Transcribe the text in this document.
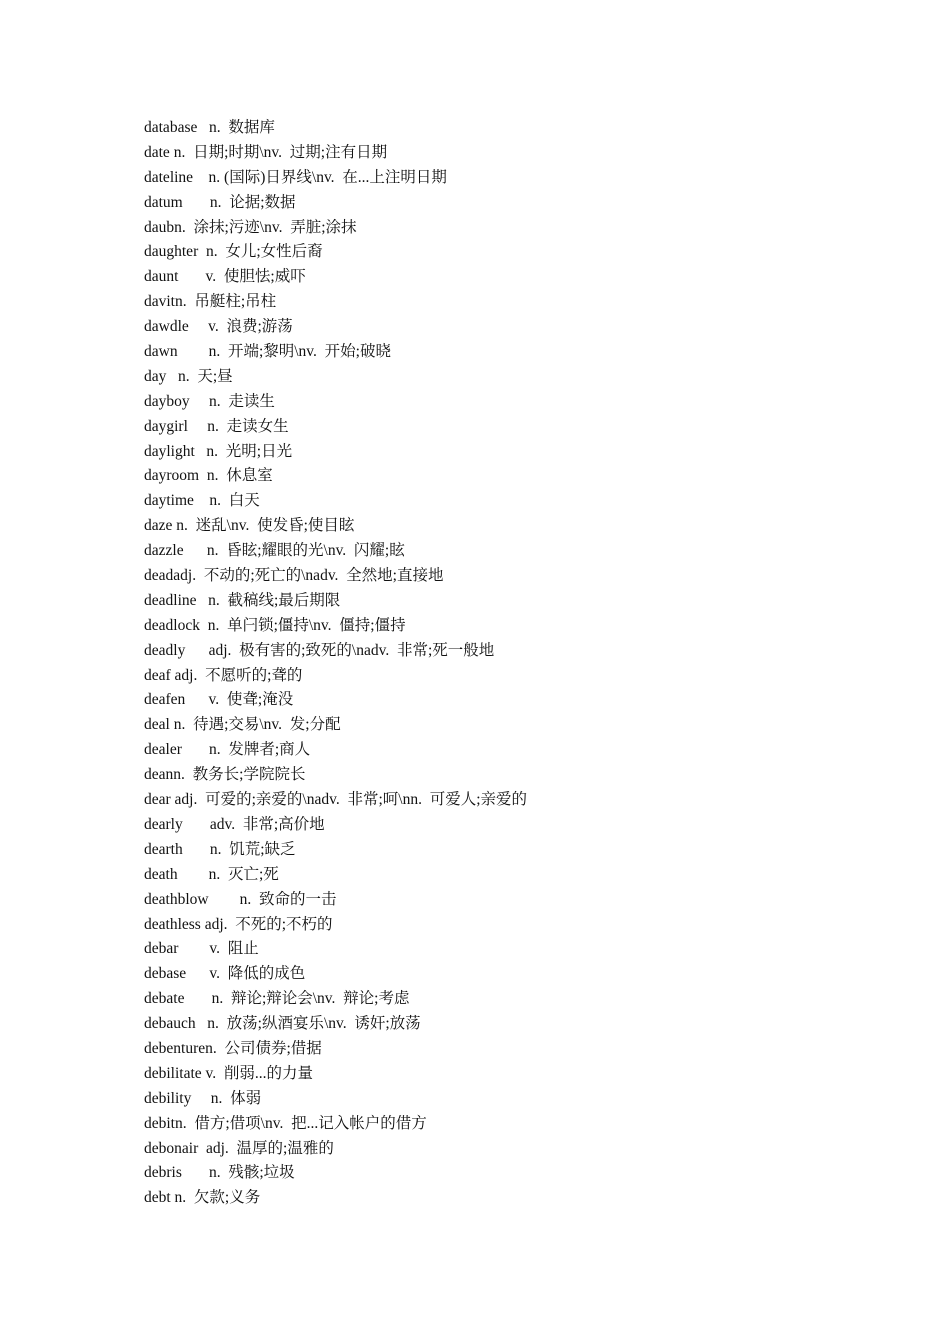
database   n.  数据库
date n.  日期;时期\nv.  过期;注有日期
dateline    n. (国际)日界线\nv.  在...上注明日期
datum       n.  论据;数据
daubn.  涂抹;污迹\nv.  弄脏;涂抹
daughter  n.  女儿;女性后裔
daunt       v.  使胆怯;威吓
davitn.  吊艇柱;吊柱
dawdle     v.  浪费;游荡
dawn        n.  开端;黎明\nv.  开始;破晓
day   n.  天;昼
dayboy     n.  走读生
daygirl     n.  走读女生
daylight   n.  光明;日光
dayroom  n.  休息室
daytime    n.  白天
daze n.  迷乱\nv.  使发昏;使目眩
dazzle      n.  昏眩;耀眼的光\nv.  闪耀;眩
deadadj.  不动的;死亡的\nadv.  全然地;直接地
deadline   n.  截稿线;最后期限
deadlock  n.  单闩锁;僵持\nv.  僵持;僵持
deadly      adj.  极有害的;致死的\nadv.  非常;死一般地
deaf adj.  不愿听的;聋的
deafen      v.  使聋;淹没
deal n.  待遇;交易\nv.  发;分配
dealer       n.  发牌者;商人
deann.  教务长;学院院长
dear adj.  可爱的;亲爱的\nadv.  非常;呵\nn.  可爱人;亲爱的
dearly       adv.  非常;高价地
dearth       n.  饥荒;缺乏
death        n.  灭亡;死
deathblow        n.  致命的一击
deathless adj.  不死的;不朽的
debar        v.  阻止
debase      v.  降低的成色
debate       n.  辩论;辩论会\nv.  辩论;考虑
debauch   n.  放荡;纵酒宴乐\nv.  诱奸;放荡
debenturen.  公司债券;借据
debilitate v.  削弱...的力量
debility     n.  体弱
debitn.  借方;借项\nv.  把...记入帐户的借方
debonair  adj.  温厚的;温雅的
debris       n.  残骸;垃圾
debt n.  欠款;义务
